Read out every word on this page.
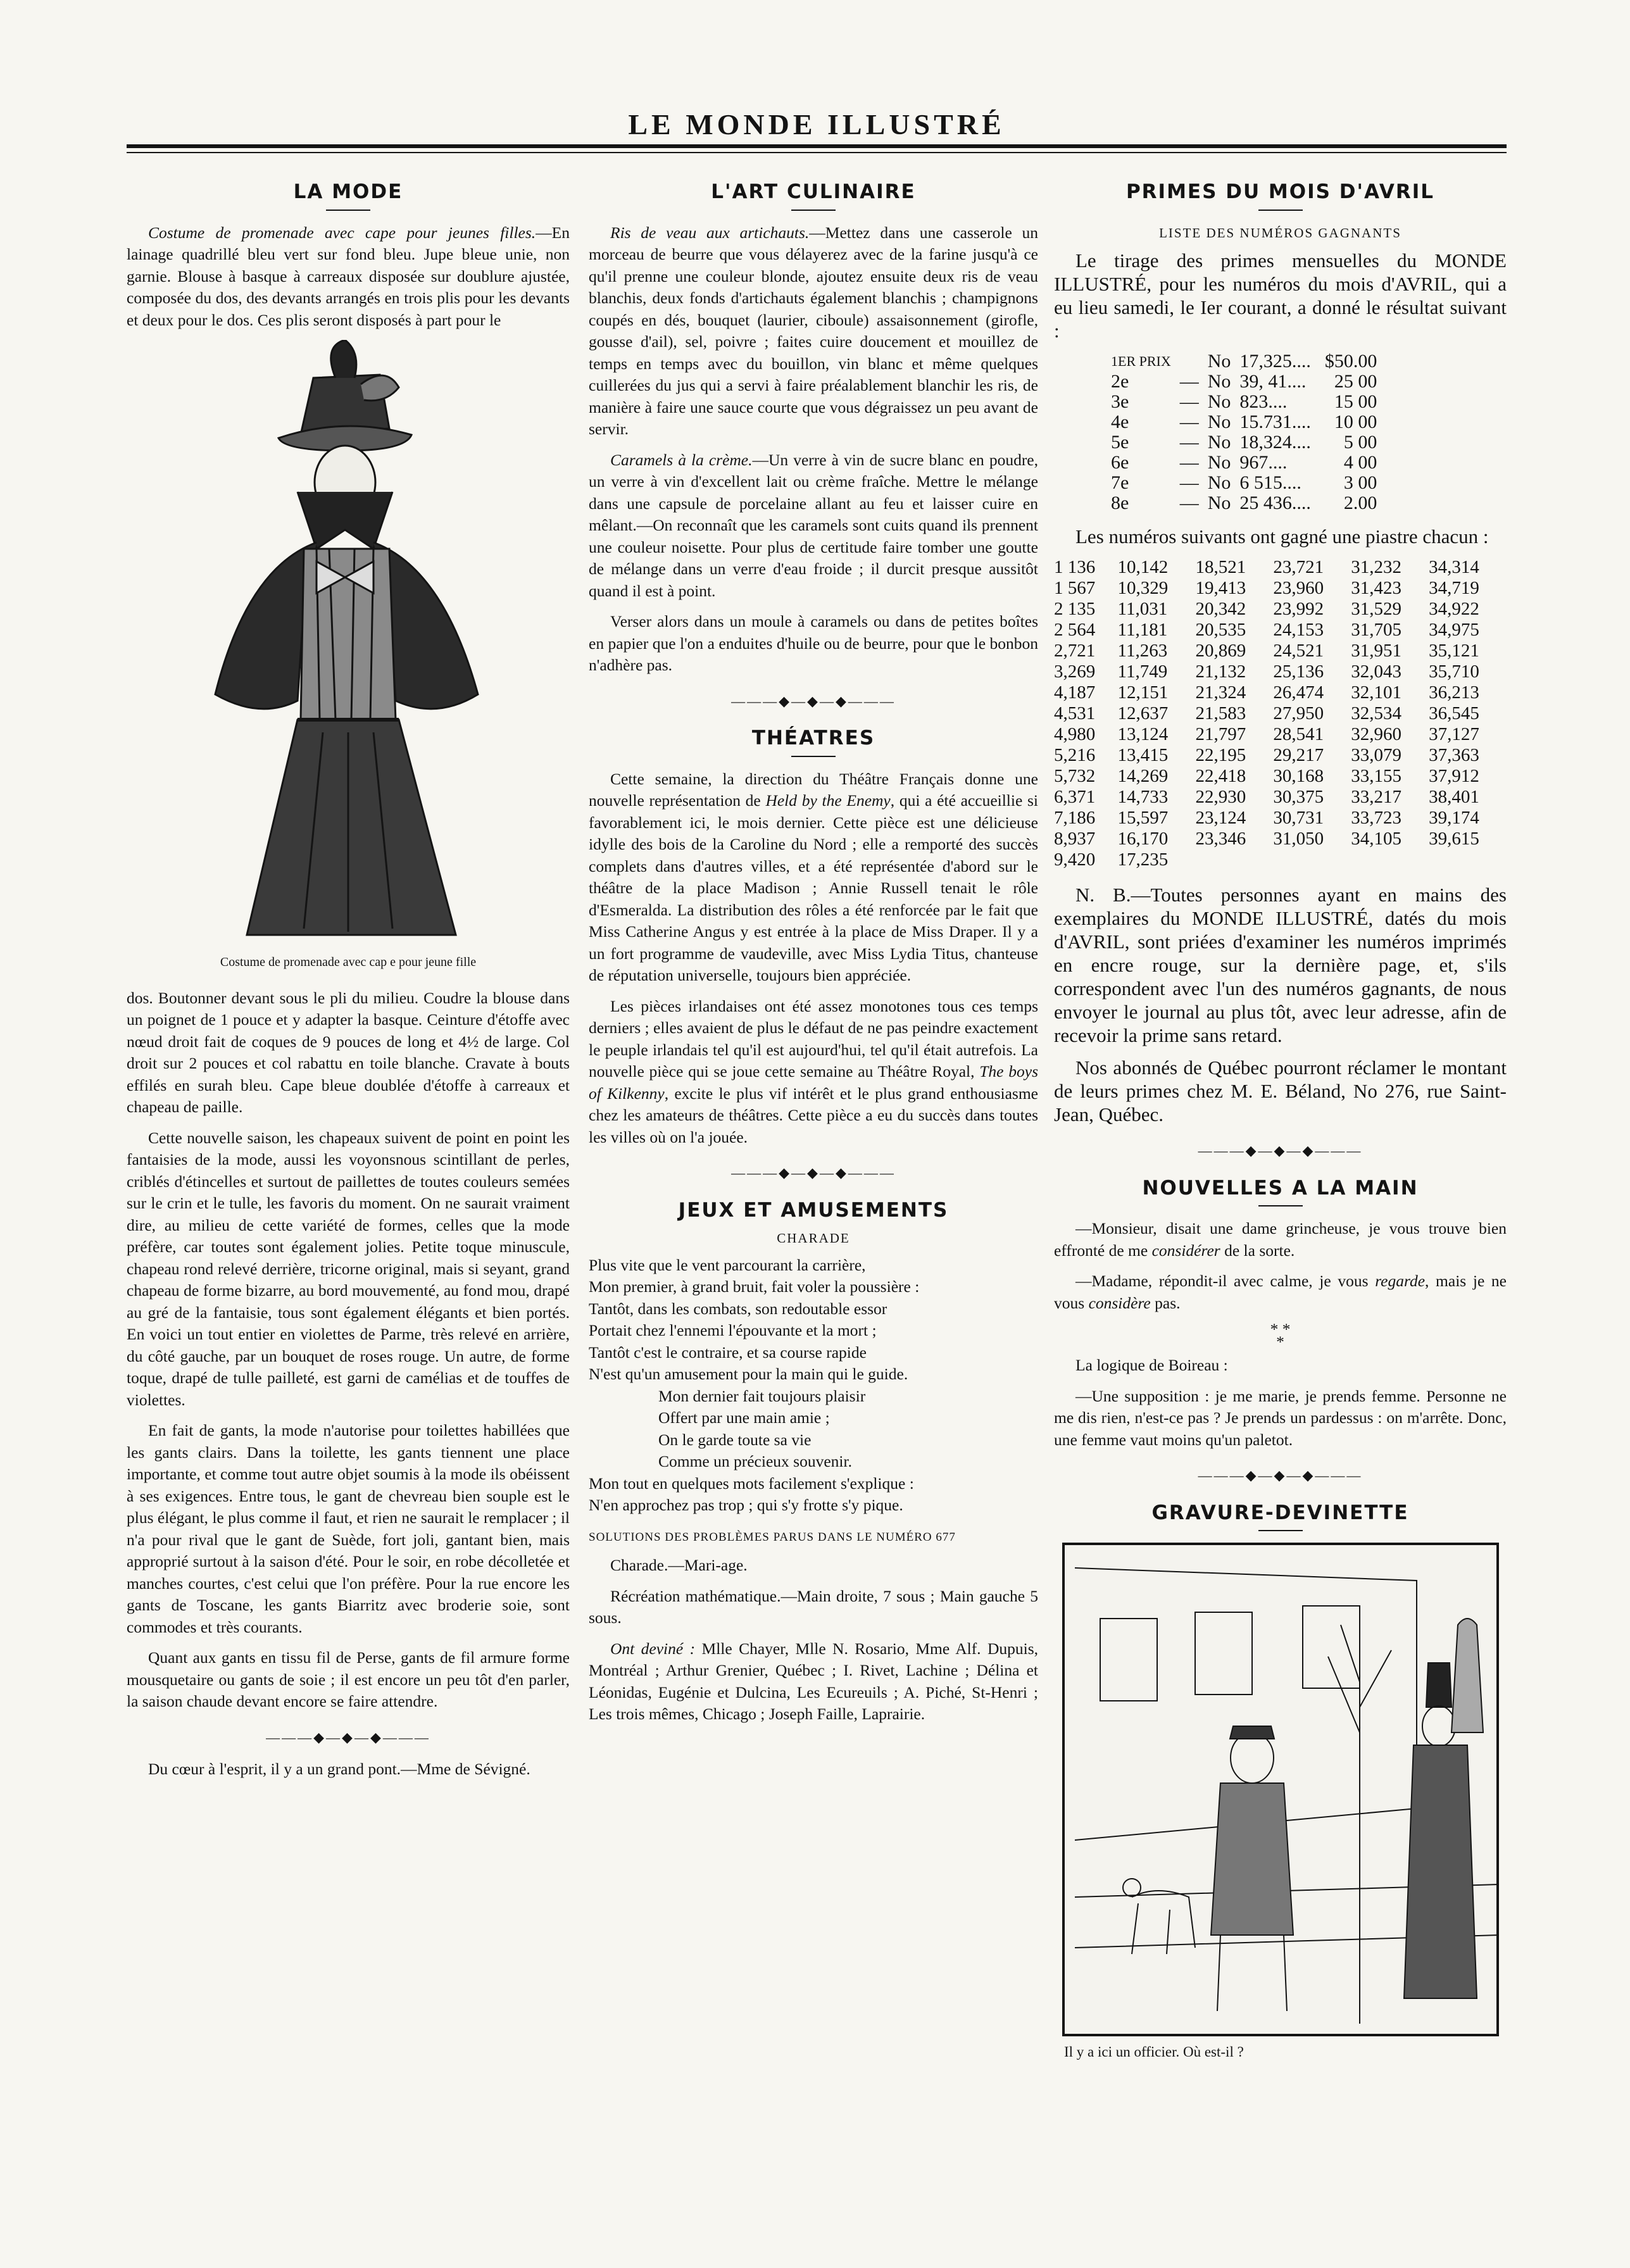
LE MONDE ILLUSTRÉ
LA MODE

Costume de promenade avec cape pour jeunes filles.—En lainage quadrillé bleu vert sur fond bleu. Jupe bleue unie, non garnie. Blouse à basque à carreaux disposée sur doublure ajustée, composée du dos, des devants arrangés en trois plis pour les devants et deux pour le dos. Ces plis seront disposés à part pour le

Costume de promenade avec cap e pour jeune fille

dos. Boutonner devant sous le pli du milieu. Coudre la blouse dans un poignet de 1 pouce et y adapter la basque. Ceinture d'étoffe avec nœud droit fait de coques de 9 pouces de long et 4½ de large. Col droit sur 2 pouces et col rabattu en toile blanche. Cravate à bouts effilés en surah bleu. Cape bleue doublée d'étoffe à carreaux et chapeau de paille.

Cette nouvelle saison, les chapeaux suivent de point en point les fantaisies de la mode, aussi les voyonsnous scintillant de perles, criblés d'étincelles et surtout de paillettes de toutes couleurs semées sur le crin et le tulle, les favoris du moment. On ne saurait vraiment dire, au milieu de cette variété de formes, celles que la mode préfère, car toutes sont également jolies. Petite toque minuscule, chapeau rond relevé derrière, tricorne original, mais si seyant, grand chapeau de forme bizarre, au bord mouvementé, au fond mou, drapé au gré de la fantaisie, tous sont également élégants et bien portés. En voici un tout entier en violettes de Parme, très relevé en arrière, du côté gauche, par un bouquet de roses rouge. Un autre, de forme toque, drapé de tulle pailleté, est garni de camélias et de touffes de violettes.

En fait de gants, la mode n'autorise pour toilettes habillées que les gants clairs. Dans la toilette, les gants tiennent une place importante, et comme tout autre objet soumis à la mode ils obéissent à ses exigences. Entre tous, le gant de chevreau bien souple est le plus élégant, le plus comme il faut, et rien ne saurait le remplacer ; il n'a pour rival que le gant de Suède, fort joli, gantant bien, mais approprié surtout à la saison d'été. Pour le soir, en robe décolletée et manches courtes, c'est celui que l'on préfère. Pour la rue encore les gants de Toscane, les gants Biarritz avec broderie soie, sont commodes et très courants.

Quant aux gants en tissu fil de Perse, gants de fil armure forme mousquetaire ou gants de soie ; il est encore un peu tôt d'en parler, la saison chaude devant encore se faire attendre.

———◆—◆—◆———

Du cœur à l'esprit, il y a un grand pont.—Mme de Sévigné.

L'ART CULINAIRE

Ris de veau aux artichauts.—Mettez dans une casserole un morceau de beurre que vous délayerez avec de la farine jusqu'à ce qu'il prenne une couleur blonde, ajoutez ensuite deux ris de veau blanchis, deux fonds d'artichauts également blanchis ; champignons coupés en dés, bouquet (laurier, ciboule) assaisonnement (girofle, gousse d'ail), sel, poivre ; faites cuire doucement et mouillez de temps en temps avec du bouillon, vin blanc et même quelques cuillerées du jus qui a servi à faire préalablement blanchir les ris, de manière à faire une sauce courte que vous dégraissez un peu avant de servir.

Caramels à la crème.—Un verre à vin de sucre blanc en poudre, un verre à vin d'excellent lait ou crème fraîche. Mettre le mélange dans une capsule de porcelaine allant au feu et laisser cuire en mêlant.—On reconnaît que les caramels sont cuits quand ils prennent une couleur noisette. Pour plus de certitude faire tomber une goutte de mélange dans un verre d'eau froide ; il durcit presque aussitôt quand il est à point.

Verser alors dans un moule à caramels ou dans de petites boîtes en papier que l'on a enduites d'huile ou de beurre, pour que le bonbon n'adhère pas.

———◆—◆—◆———
THÉATRES

Cette semaine, la direction du Théâtre Français donne une nouvelle représentation de Held by the Enemy, qui a été accueillie si favorablement ici, le mois dernier. Cette pièce est une délicieuse idylle des bois de la Caroline du Nord ; elle a remporté des succès complets dans d'autres villes, et a été représentée d'abord sur le théâtre de la place Madison ; Annie Russell tenait le rôle d'Esmeralda. La distribution des rôles a été renforcée par le fait que Miss Catherine Angus y est entrée à la place de Miss Draper. Il y a un fort programme de vaudeville, avec Miss Lydia Titus, chanteuse de réputation universelle, toujours bien appréciée.

Les pièces irlandaises ont été assez monotones tous ces temps derniers ; elles avaient de plus le défaut de ne pas peindre exactement le peuple irlandais tel qu'il est aujourd'hui, tel qu'il était autrefois. La nouvelle pièce qui se joue cette semaine au Théâtre Royal, The boys of Kilkenny, excite le plus vif intérêt et le plus grand enthousiasme chez les amateurs de théâtres. Cette pièce a eu du succès dans toutes les villes où on l'a jouée.

———◆—◆—◆———
JEUX ET AMUSEMENTS
CHARADE
Plus vite que le vent parcourant la carrière,
Mon premier, à grand bruit, fait voler la poussière :
Tantôt, dans les combats, son redoutable essor
Portait chez l'ennemi l'épouvante et la mort ;
Tantôt c'est le contraire, et sa course rapide
N'est qu'un amusement pour la main qui le guide.
Mon dernier fait toujours plaisir
Offert par une main amie ;
On le garde toute sa vie
Comme un précieux souvenir.
Mon tout en quelques mots facilement s'explique :
N'en approchez pas trop ; qui s'y frotte s'y pique.
SOLUTIONS DES PROBLÈMES PARUS DANS LE NUMÉRO 677

Charade.—Mari-age.

Récréation mathématique.—Main droite, 7 sous ; Main gauche 5 sous.

Ont deviné : Mlle Chayer, Mlle N. Rosario, Mme Alf. Dupuis, Montréal ; Arthur Grenier, Québec ; I. Rivet, Lachine ; Délina et Léonidas, Eugénie et Dulcina, Les Ecureuils ; A. Piché, St-Henri ; Les trois mêmes, Chicago ; Joseph Faille, Laprairie.

PRIMES DU MOIS D'AVRIL
LISTE DES NUMÉROS GAGNANTS

Le tirage des primes mensuelles du MONDE ILLUSTRÉ, pour les numéros du mois d'AVRIL, qui a eu lieu samedi, le Ier courant, a donné le résultat suivant :

1ER PRIX		No	17,325....	$50.00
2e	—	No	39, 41....	25 00
3e	—	No	823....	15 00
4e	—	No	15.731....	10 00
5e	—	No	18,324....	5 00
6e	—	No	967....	4 00
7e	—	No	6 515....	3 00
8e	—	No	25 436....	2.00

Les numéros suivants ont gagné une piastre chacun :

1 136	10,142	18,521	23,721	31,232	34,314
1 567	10,329	19,413	23,960	31,423	34,719
2 135	11,031	20,342	23,992	31,529	34,922
2 564	11,181	20,535	24,153	31,705	34,975
2,721	11,263	20,869	24,521	31,951	35,121
3,269	11,749	21,132	25,136	32,043	35,710
4,187	12,151	21,324	26,474	32,101	36,213
4,531	12,637	21,583	27,950	32,534	36,545
4,980	13,124	21,797	28,541	32,960	37,127
5,216	13,415	22,195	29,217	33,079	37,363
5,732	14,269	22,418	30,168	33,155	37,912
6,371	14,733	22,930	30,375	33,217	38,401
7,186	15,597	23,124	30,731	33,723	39,174
8,937	16,170	23,346	31,050	34,105	39,615
9,420	17,235				

N. B.—Toutes personnes ayant en mains des exemplaires du MONDE ILLUSTRÉ, datés du mois d'AVRIL, sont priées d'examiner les numéros imprimés en encre rouge, sur la dernière page, et, s'ils correspondent avec l'un des numéros gagnants, de nous envoyer le journal au plus tôt, avec leur adresse, afin de recevoir la prime sans retard.

Nos abonnés de Québec pourront réclamer le montant de leurs primes chez M. E. Béland, No 276, rue Saint-Jean, Québec.

———◆—◆—◆———
NOUVELLES A LA MAIN

—Monsieur, disait une dame grincheuse, je vous trouve bien effronté de me considérer de la sorte.

—Madame, répondit-il avec calme, je vous regarde, mais je ne vous considère pas.

* *
*

La logique de Boireau :

—Une supposition : je me marie, je prends femme. Personne ne me dis rien, n'est-ce pas ? Je prends un pardessus : on m'arrête. Donc, une femme vaut moins qu'un paletot.

———◆—◆—◆———
GRAVURE-DEVINETTE
Il y a ici un officier. Où est-il ?
